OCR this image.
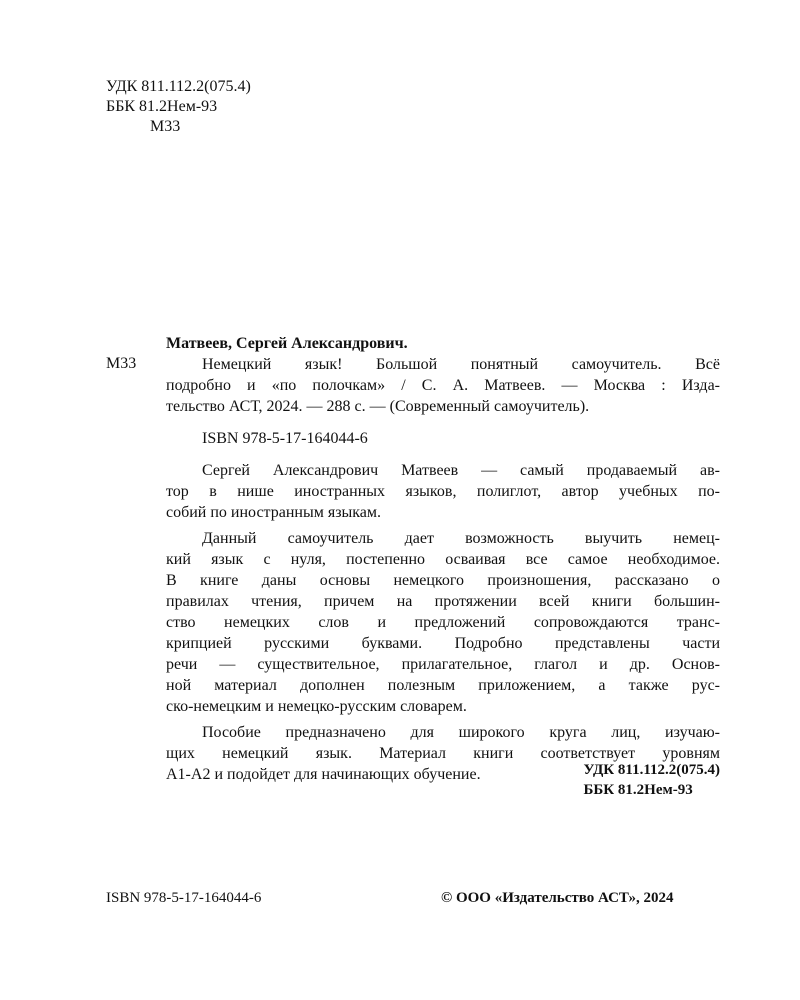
УДК 811.112.2(075.4)
ББК 81.2Нем-93
М33
Матвеев, Сергей Александрович.
М33	Немецкий язык! Большой понятный самоучитель. Всё
подробно и «по полочкам» / С. А. Матвеев. — Москва : Изда-
тельство АСТ, 2024. — 288 с. — (Современный самоучитель).
ISBN 978-5-17-164044-6
Сергей Александрович Матвеев — самый продаваемый ав-
тор в нише иностранных языков, полиглот, автор учебных по-
собий по иностранным языкам.
Данный самоучитель дает возможность выучить немец-
кий язык с нуля, постепенно осваивая все самое необходимое.
В книге даны основы немецкого произношения, рассказано о
правилах чтения, причем на протяжении всей книги большин-
ство немецких слов и предложений сопровождаются транс-
крипцией русскими буквами. Подробно представлены части
речи — существительное, прилагательное, глагол и др. Основ-
ной материал дополнен полезным приложением, а также рус-
ско-немецким и немецко-русским словарем.
Пособие предназначено для широкого круга лиц, изучаю-
щих немецкий язык. Материал книги соответствует уровням
А1-А2 и подойдет для начинающих обучение.	УДК 811.112.2(075.4)
ББК 81.2Нем-93
ISBN 978-5-17-164044-6	© ООО «Издательство АСТ», 2024
